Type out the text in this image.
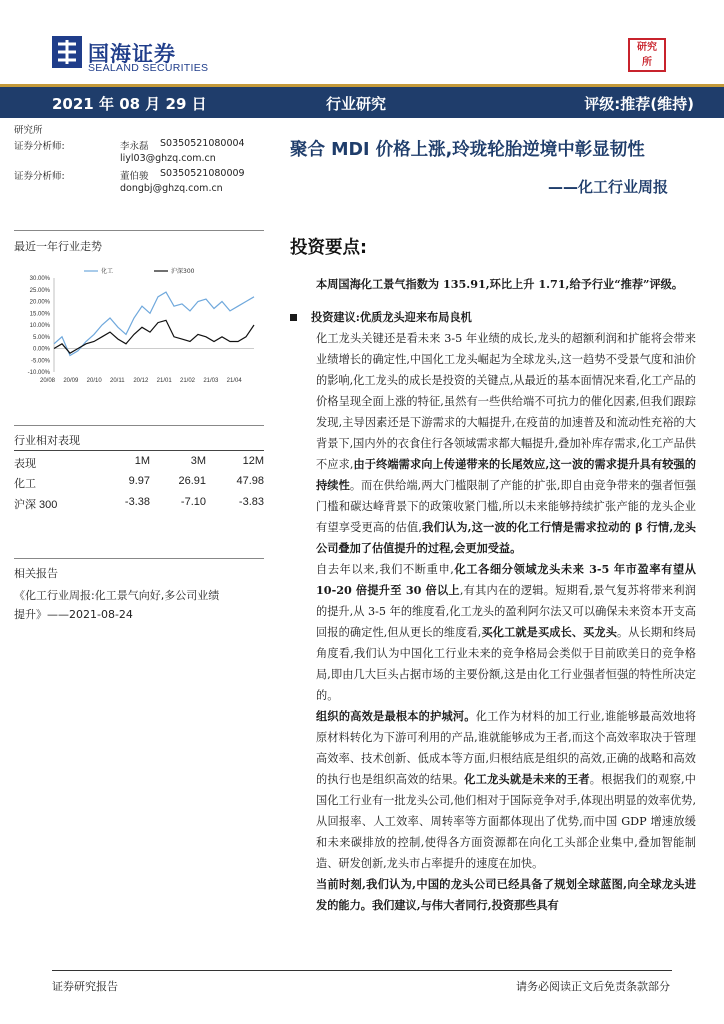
国海证券
SEALAND SECURITIES
研究所
2021 年 08 月 29 日	行业研究	评级:推荐(维持)
研究所
证券分析师:	李永磊 S0350521080004
liyl03@ghzq.com.cn
证券分析师:	董伯骏 S0350521080009
dongbj@ghzq.com.cn
最近一年行业走势
30.00%
25.00%
20.00%
15.00%
10.00%
5.00%
0.00%
-5.00%
-10.00%
20/08 20/09 20/10 20/11 20/12 21/01 21/02 21/03 21/04
化工	沪深300
行业相对表现
表现	1M	3M	12M
化工	9.97	26.91	47.98
沪深 300	-3.38	-7.10	-3.83
相关报告
《化工行业周报:化工景气向好,多公司业绩
提升》——2021-08-24
聚合 MDI 价格上涨,玲珑轮胎逆境中彰显韧性
——化工行业周报
投资要点:

本周国海化工景气指数为 135.91,环比上升 1.71,给予行业“推荐”评级。

投资建议:优质龙头迎来布局良机

化工龙头关键还是看未来 3-5 年业绩的成长,龙头的超额利润和扩能将会带来业绩增长的确定性,中国化工龙头崛起为全球龙头,这一趋势不受景气度和油价的影响,化工龙头的成长是投资的关键点,从最近的基本面情况来看,化工产品的价格呈现全面上涨的特征,虽然有一些供给端不可抗力的催化因素,但我们跟踪发现,主导因素还是下游需求的大幅提升,在疫苗的加速普及和流动性充裕的大背景下,国内外的衣食住行各领域需求都大幅提升,叠加补库存需求,化工产品供不应求,由于终端需求向上传递带来的长尾效应,这一波的需求提升具有较强的持续性。而在供给端,两大门槛限制了产能的扩张,即自由竞争带来的强者恒强门槛和碳达峰背景下的政策收紧门槛,所以未来能够持续扩张产能的龙头企业有望享受更高的估值,我们认为,这一波的化工行情是需求拉动的 β 行情,龙头公司叠加了估值提升的过程,会更加受益。

自去年以来,我们不断重申,化工各细分领域龙头未来 3-5 年市盈率有望从 10-20 倍提升至 30 倍以上,有其内在的逻辑。短期看,景气复苏将带来利润的提升,从 3-5 年的维度看,化工龙头的盈利阿尔法又可以确保未来资本开支高回报的确定性,但从更长的维度看,买化工就是买成长、买龙头。从长期和终局角度看,我们认为中国化工行业未来的竞争格局会类似于目前欧美日的竞争格局,即由几大巨头占据市场的主要份额,这是由化工行业强者恒强的特性所决定的。

组织的高效是最根本的护城河。化工作为材料的加工行业,谁能够最高效地将原材料转化为下游可利用的产品,谁就能够成为王者,而这个高效率取决于管理高效率、技术创新、低成本等方面,归根结底是组织的高效,正确的战略和高效的执行也是组织高效的结果。化工龙头就是未来的王者。根据我们的观察,中国化工行业有一批龙头公司,他们相对于国际竞争对手,体现出明显的效率优势,从回报率、人工效率、周转率等方面都体现出了优势,而中国 GDP 增速放缓和未来碳排放的控制,使得各方面资源都在向化工头部企业集中,叠加智能制造、研发创新,龙头市占率提升的速度在加快。

当前时刻,我们认为,中国的龙头公司已经具备了规划全球蓝图,向全球龙头进发的能力。我们建议,与伟大者同行,投资那些具有

证券研究报告	请务必阅读正文后免责条款部分
